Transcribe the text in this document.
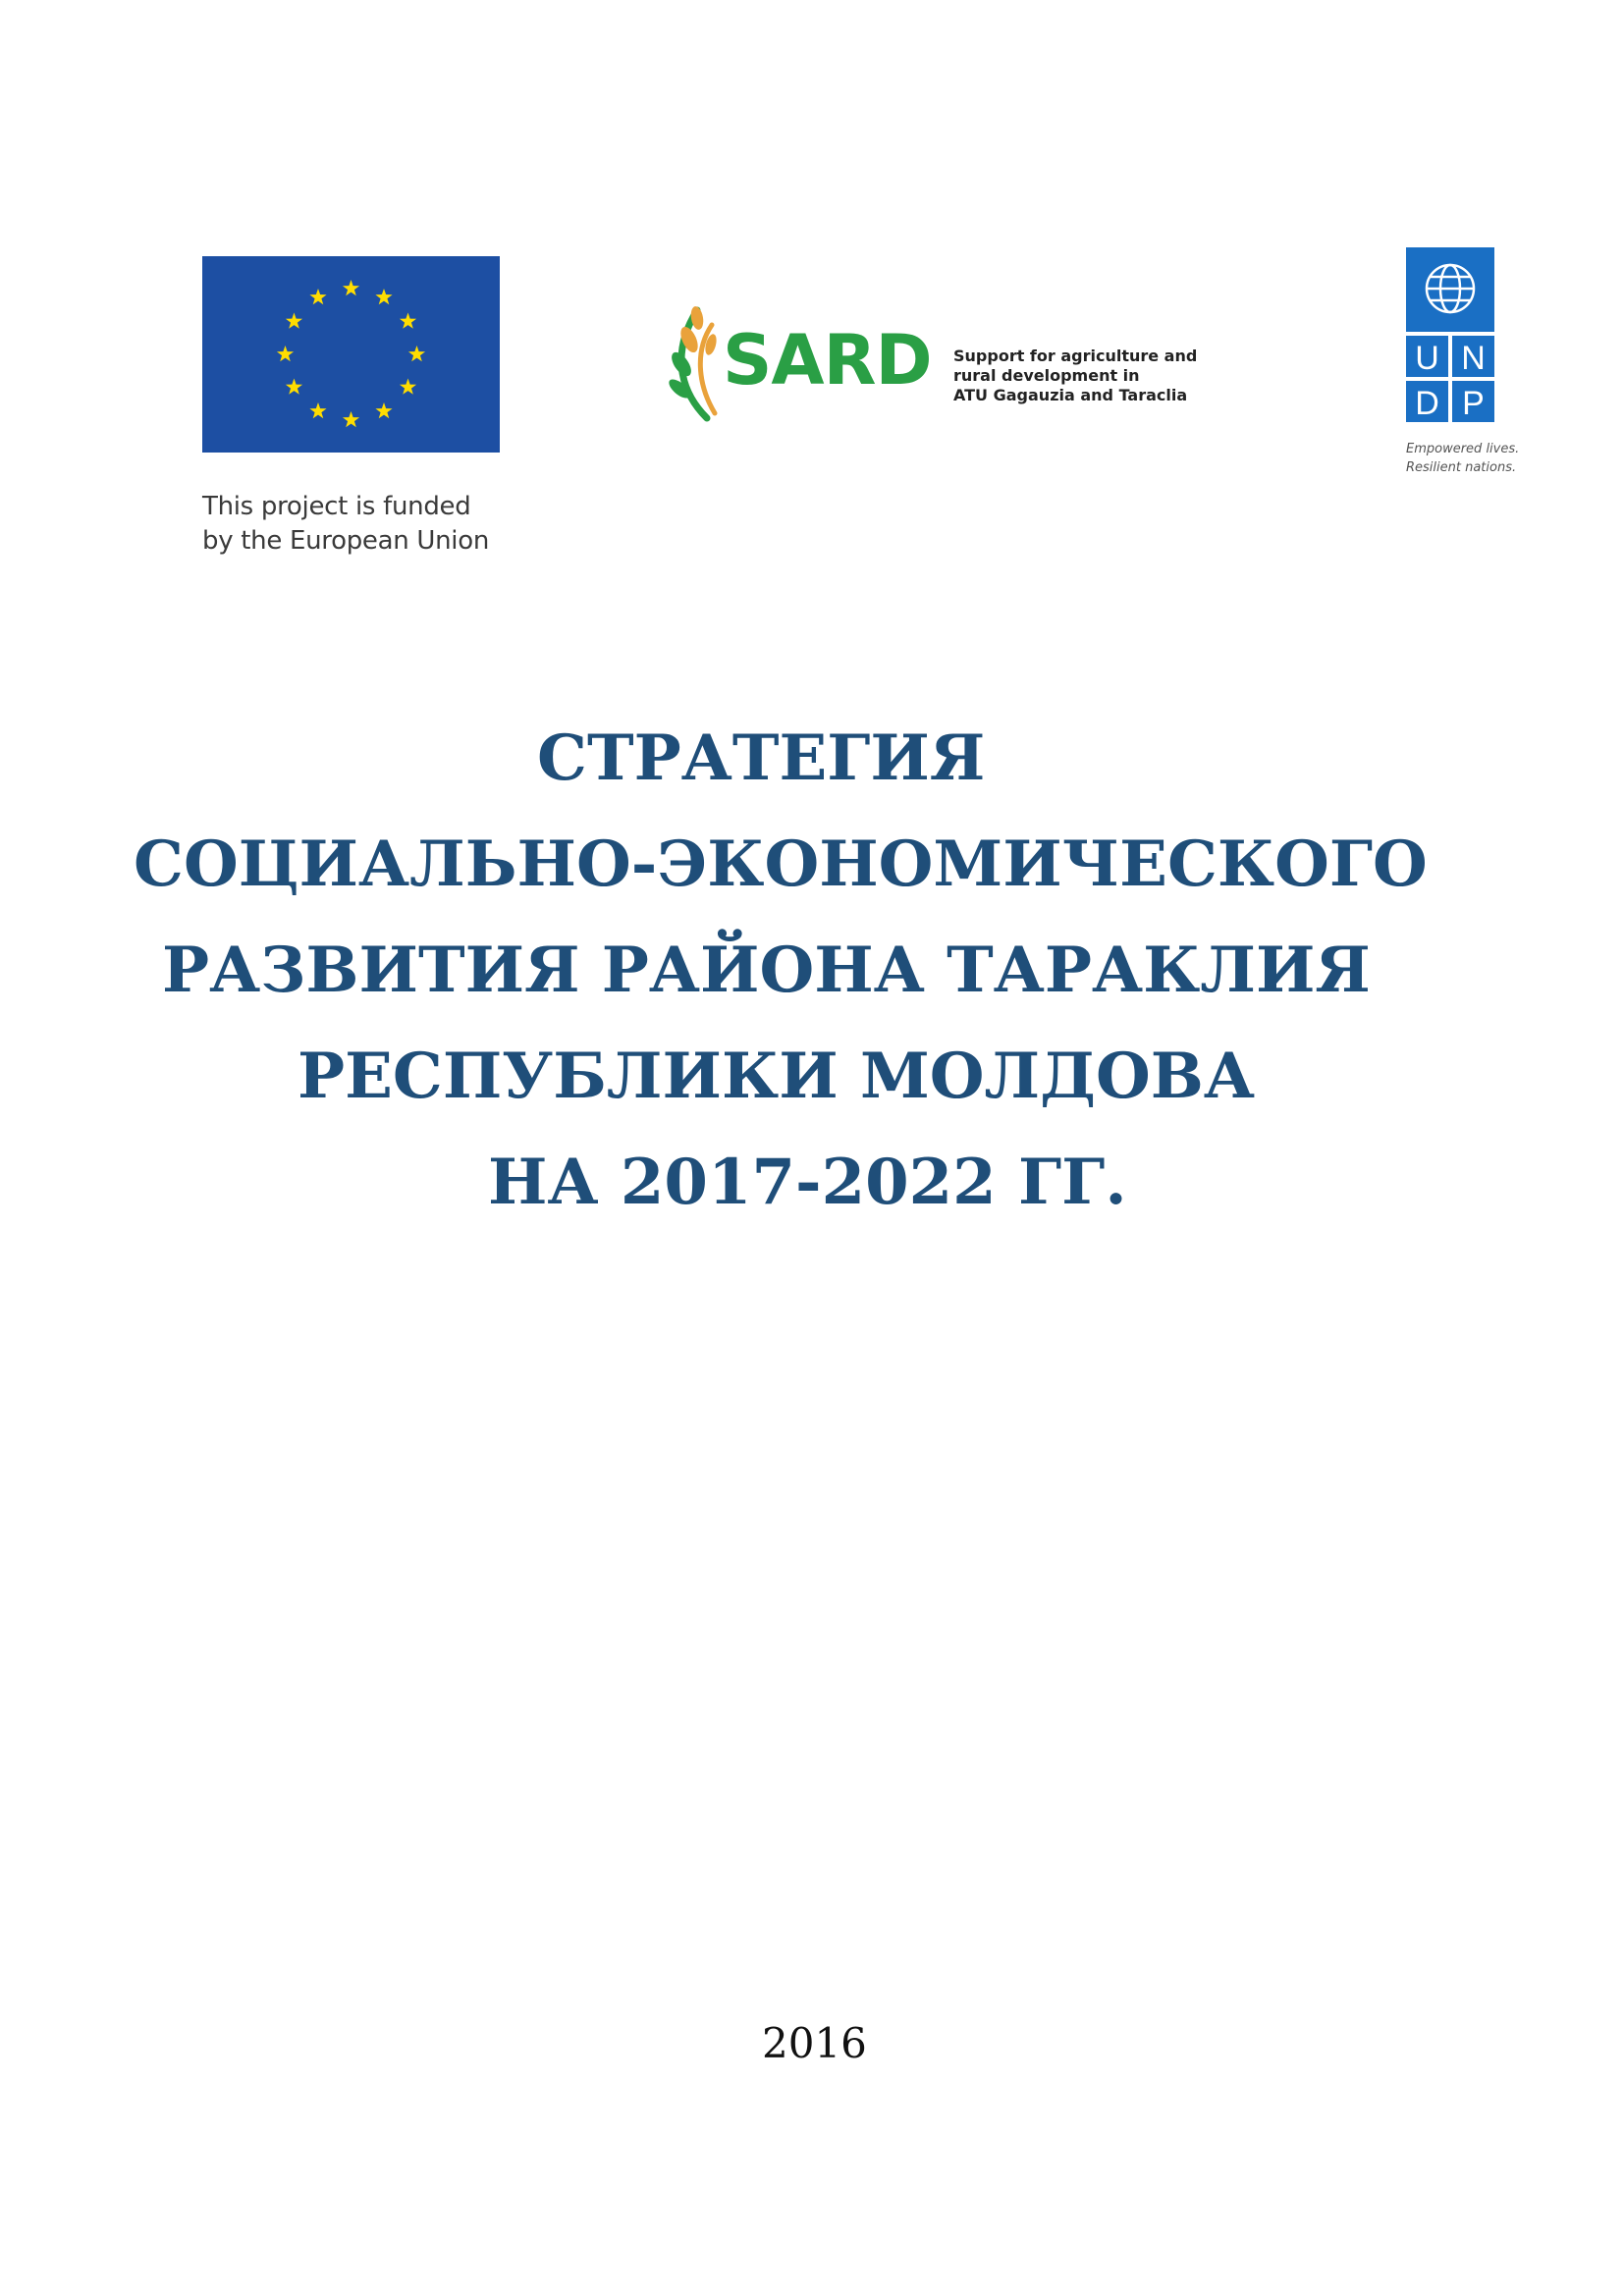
This project is funded
by the European Union
SARD Support for agriculture and
rural development in
ATU Gagauzia and Taraclia
U N
D P
Empowered lives.
Resilient nations.
СТРАТЕГИЯ
СОЦИАЛЬНО-ЭКОНОМИЧЕСКОГО
РАЗВИТИЯ РАЙОНА ТАРАКЛИЯ
РЕСПУБЛИКИ МОЛДОВА
НА 2017-2022 ГГ.
2016
